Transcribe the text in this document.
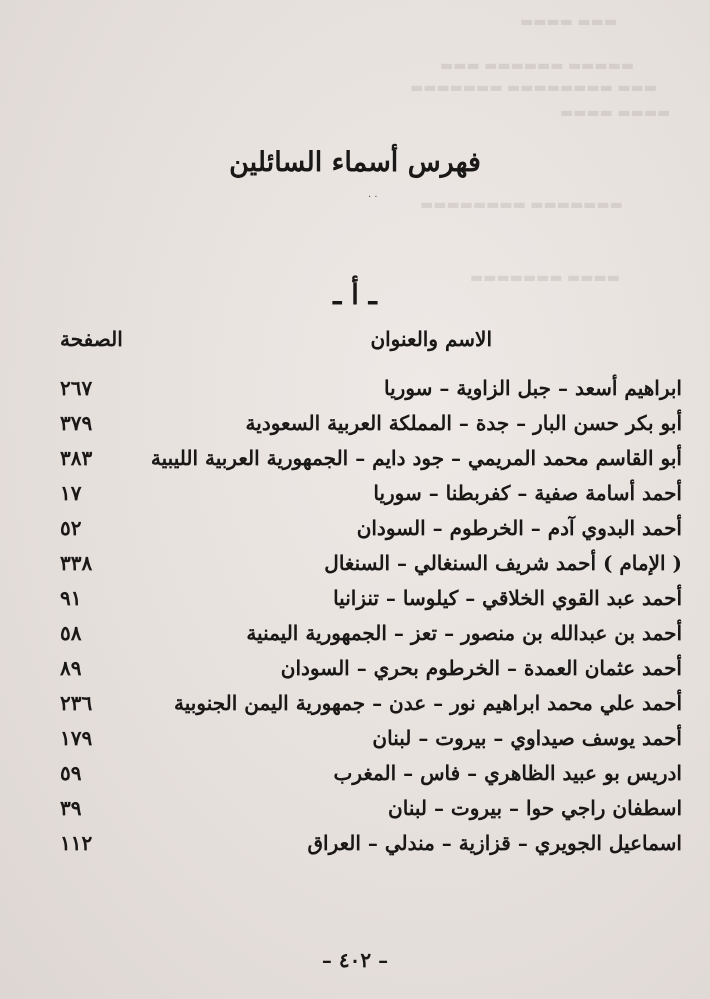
▬▬▬ ▬▬▬▬
▬▬▬▬▬ ▬▬▬▬▬▬ ▬▬▬
▬▬▬ ▬▬▬▬▬▬▬▬ ▬▬▬▬▬▬▬
▬▬▬▬ ▬▬▬▬
▬▬▬▬▬▬▬ ▬▬▬▬▬▬▬▬
▬▬▬▬ ▬▬▬▬▬▬▬
فهرس أسماء السائلين
· ·
ـ أ ـ
الاسم والعنوان
الصفحة
ابراهيم أسعد – جبل الزاوية – سوريا
٢٦٧
أبو بكر حسن البار – جدة – المملكة العربية السعودية
٣٧٩
أبو القاسم محمد المريمي – جود دايم – الجمهورية العربية الليبية
٣٨٣
أحمد أسامة صفية – كفربطنا – سوريا
١٧
أحمد البدوي آدم – الخرطوم – السودان
٥٢
( الإمام ) أحمد شريف السنغالي – السنغال
٣٣٨
أحمد عبد القوي الخلاقي – كيلوسا – تنزانيا
٩١
أحمد بن عبدالله بن منصور – تعز – الجمهورية اليمنية
٥٨
أحمد عثمان العمدة – الخرطوم بحري – السودان
٨٩
أحمد علي محمد ابراهيم نور – عدن – جمهورية اليمن الجنوبية
٢٣٦
أحمد يوسف صيداوي – بيروت – لبنان
١٧٩
ادريس بو عبيد الظاهري – فاس – المغرب
٥٩
اسطفان راجي حوا – بيروت – لبنان
٣٩
اسماعيل الجويري – قزازية – مندلي – العراق
١١٢
– ٤٠٢ –
